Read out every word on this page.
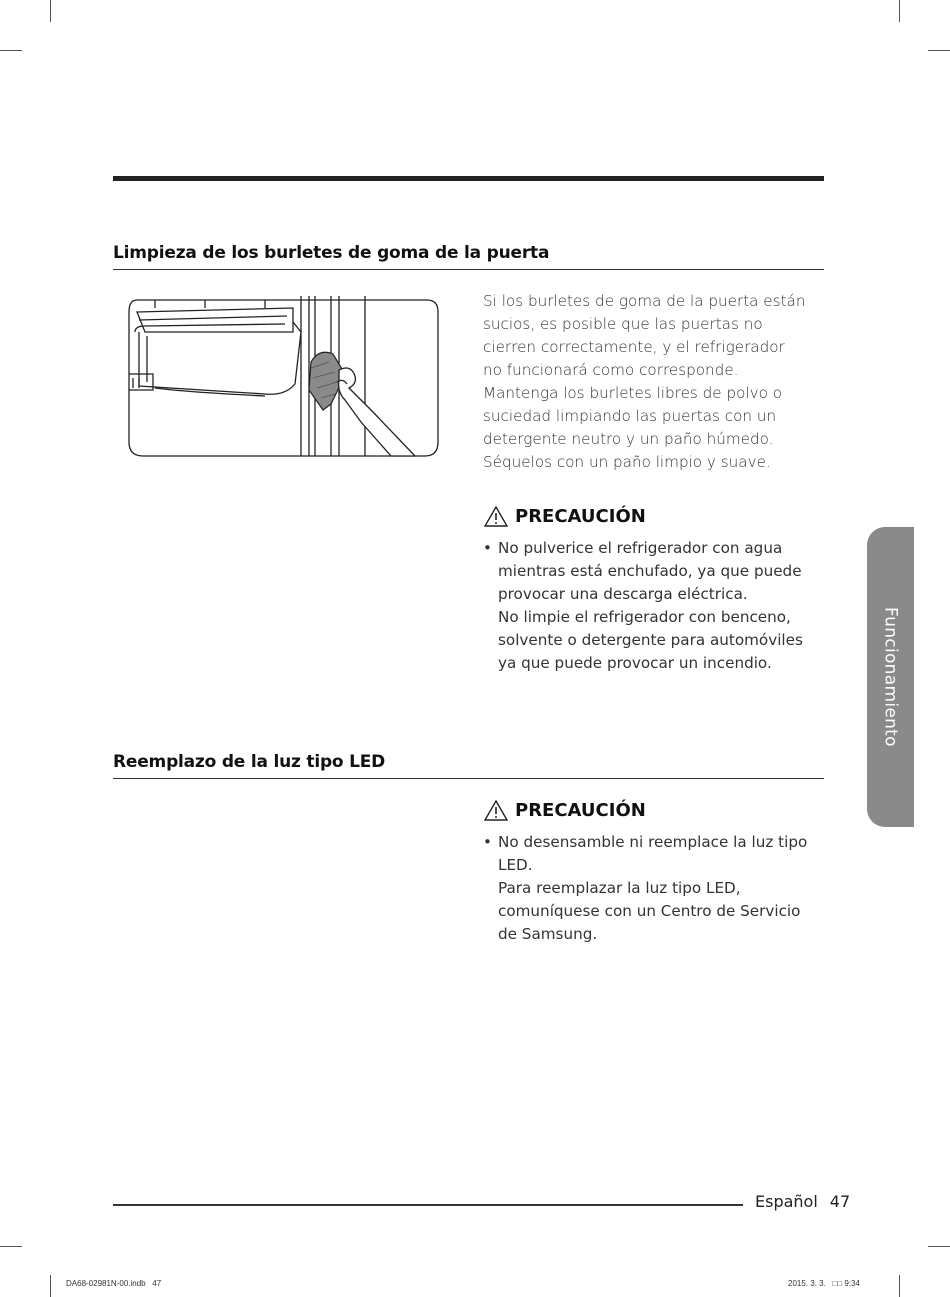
Limpieza de los burletes de goma de la puerta
Si los burletes de goma de la puerta están
sucios, es posible que las puertas no
cierren correctamente, y el refrigerador
no funcionará como corresponde.
Mantenga los burletes libres de polvo o
suciedad limpiando las puertas con un
detergente neutro y un paño húmedo.
Séquelos con un paño limpio y suave.
PRECAUCIÓN
• No pulverice el refrigerador con agua

mientras está enchufado, ya que puede

provocar una descarga eléctrica.

No limpie el refrigerador con benceno,

solvente o detergente para automóviles

ya que puede provocar un incendio.

Reemplazo de la luz tipo LED
PRECAUCIÓN
• No desensamble ni reemplace la luz tipo

LED.

Para reemplazar la luz tipo LED,

comuníquese con un Centro de Servicio

de Samsung.

Funcionamiento
Español 47
DA68-02981N-00.indb   47	2015. 3. 3.   □□ 9:34
